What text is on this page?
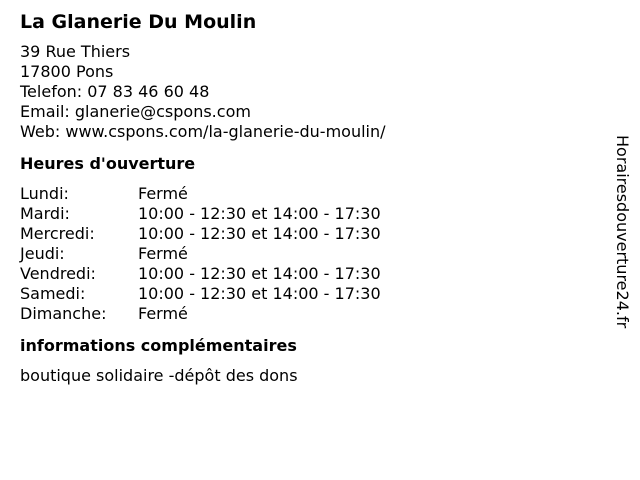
La Glanerie Du Moulin
39 Rue Thiers
17800 Pons
Telefon: 07 83 46 60 48
Email: glanerie@cspons.com
Web: www.cspons.com/la-glanerie-du-moulin/
Heures d'ouverture
Lundi:	Fermé
Mardi:	10:00 - 12:30 et 14:00 - 17:30
Mercredi:	10:00 - 12:30 et 14:00 - 17:30
Jeudi:	Fermé
Vendredi:	10:00 - 12:30 et 14:00 - 17:30
Samedi:	10:00 - 12:30 et 14:00 - 17:30
Dimanche:	Fermé
informations complémentaires
boutique solidaire -dépôt des dons
Horairesdouverture24.fr
